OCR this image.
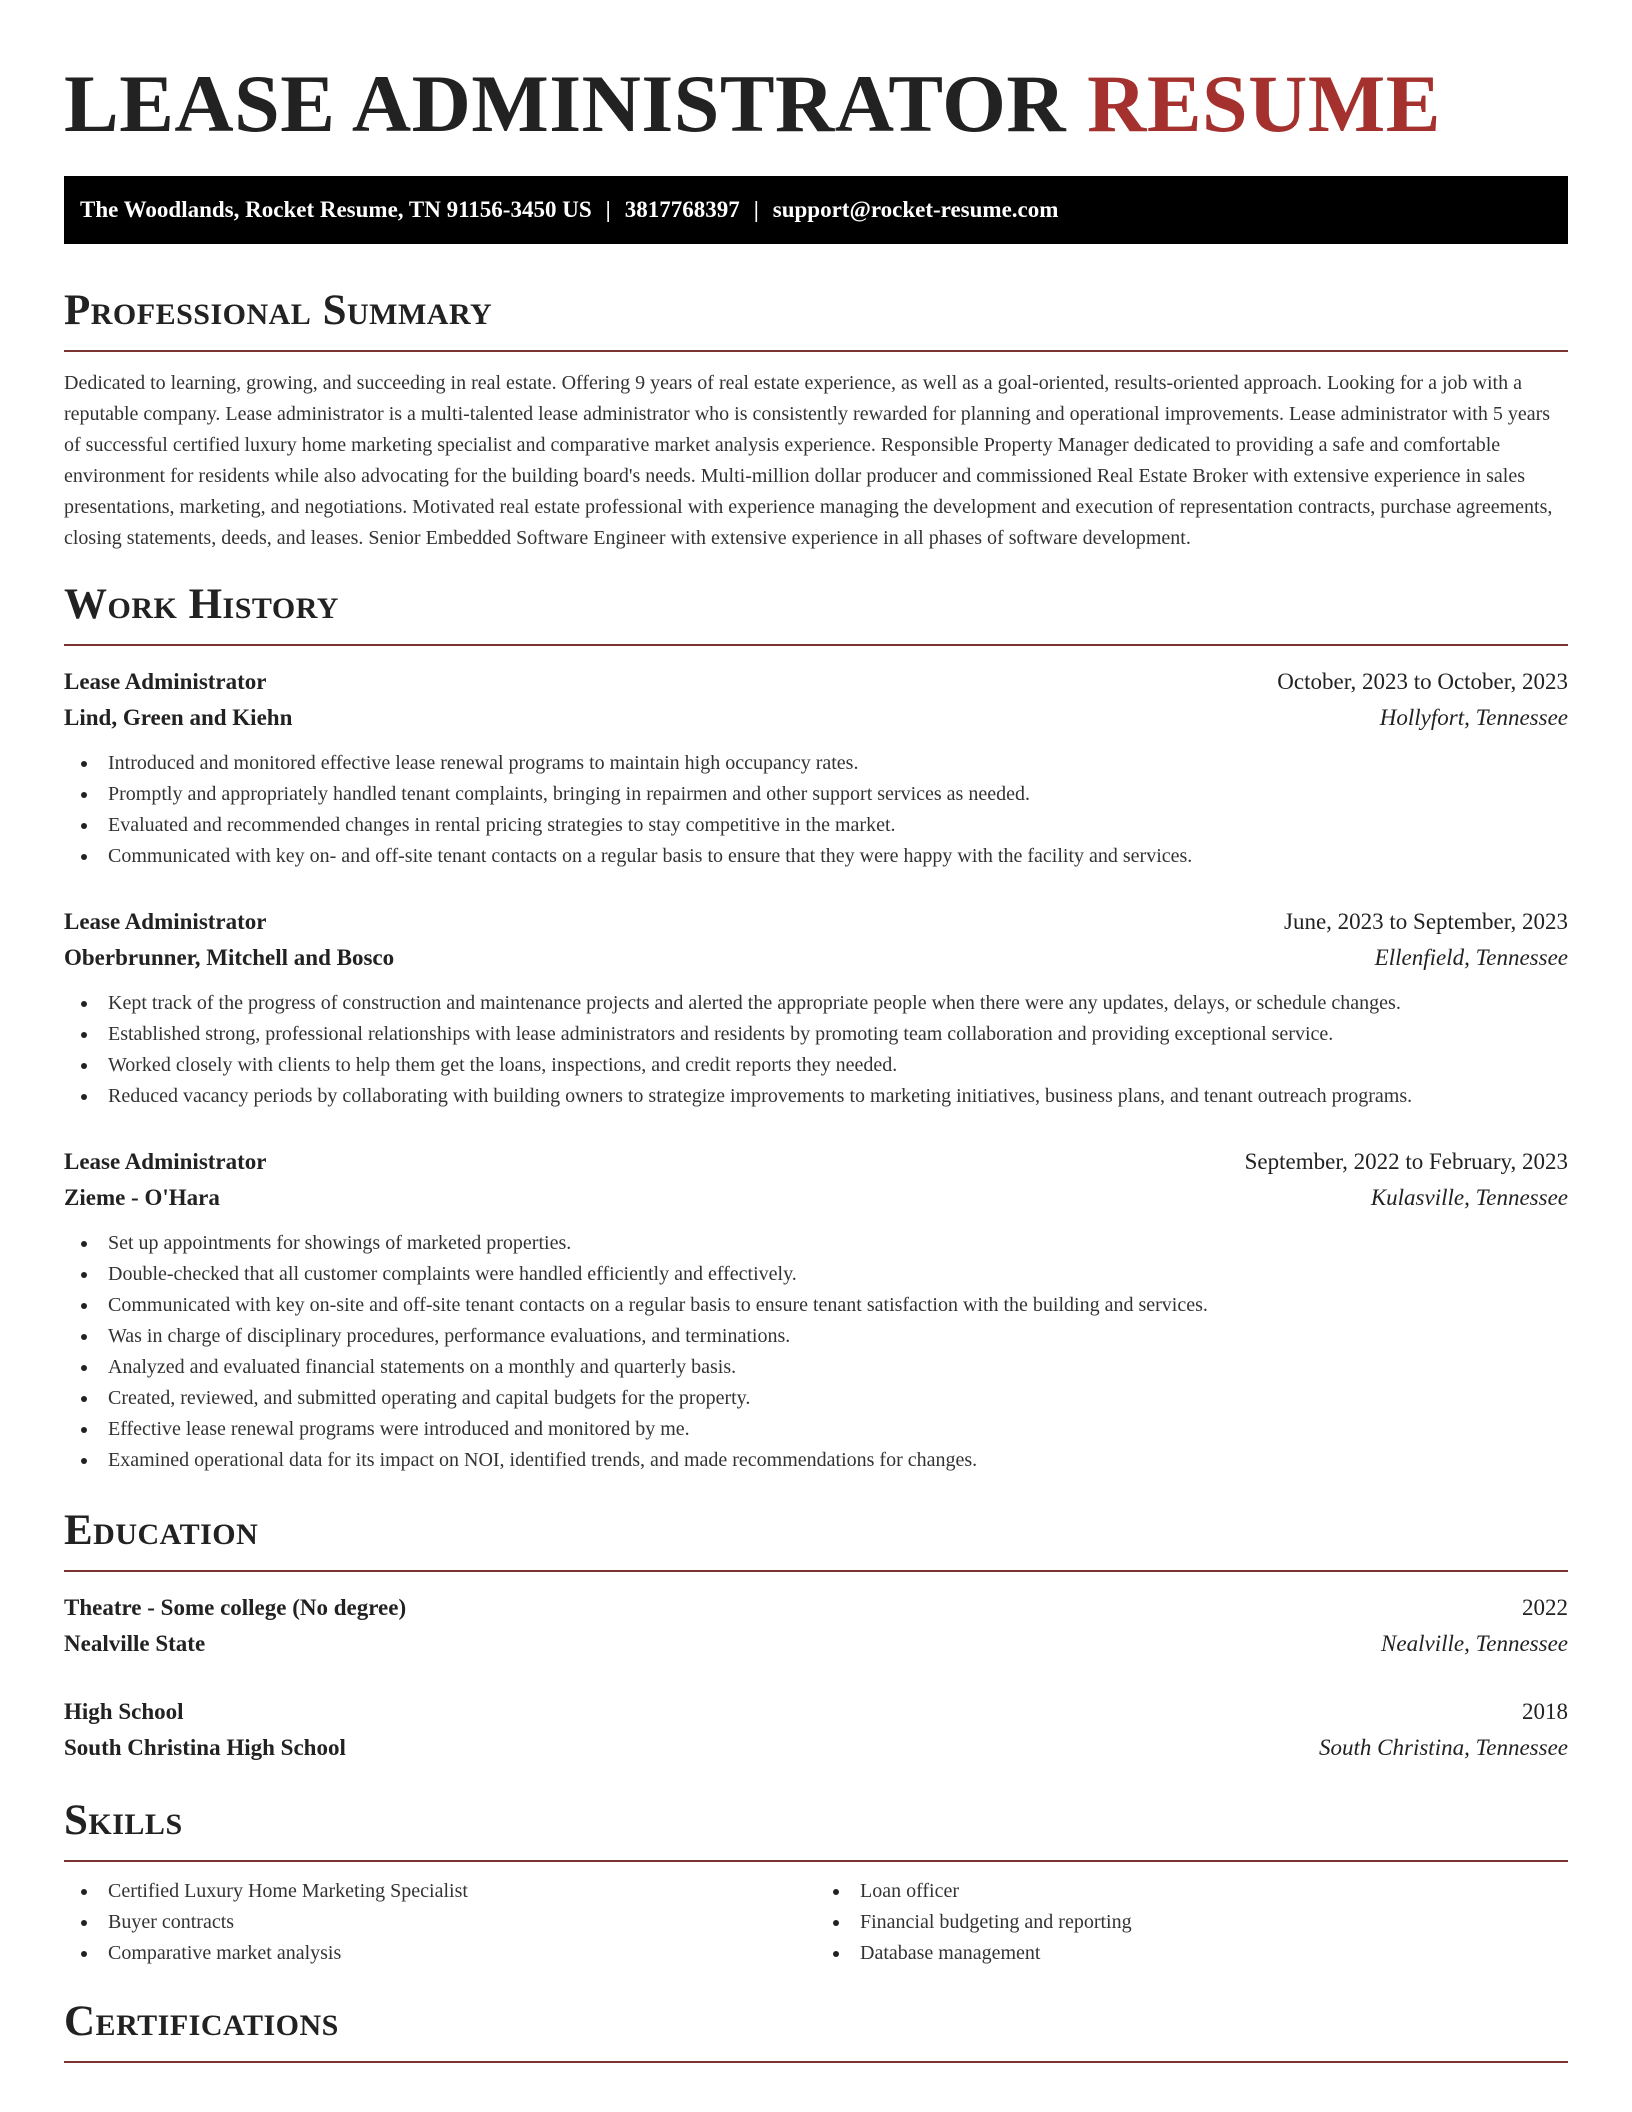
LEASE ADMINISTRATOR RESUME
The Woodlands, Rocket Resume, TN 91156-3450 US | 3817768397 | support@rocket-resume.com
Professional Summary

Dedicated to learning, growing, and succeeding in real estate. Offering 9 years of real estate experience, as well as a goal-oriented, results-oriented approach. Looking for a job with a reputable company. Lease administrator is a multi-talented lease administrator who is consistently rewarded for planning and operational improvements. Lease administrator with 5 years of successful certified luxury home marketing specialist and comparative market analysis experience. Responsible Property Manager dedicated to providing a safe and comfortable environment for residents while also advocating for the building board's needs. Multi-million dollar producer and commissioned Real Estate Broker with extensive experience in sales presentations, marketing, and negotiations. Motivated real estate professional with experience managing the development and execution of representation contracts, purchase agreements, closing statements, deeds, and leases. Senior Embedded Software Engineer with extensive experience in all phases of software development.

Work History
Lease Administrator	October, 2023 to October, 2023
Lind, Green and Kiehn	Hollyfort, Tennessee
Introduced and monitored effective lease renewal programs to maintain high occupancy rates.
Promptly and appropriately handled tenant complaints, bringing in repairmen and other support services as needed.
Evaluated and recommended changes in rental pricing strategies to stay competitive in the market.
Communicated with key on- and off-site tenant contacts on a regular basis to ensure that they were happy with the facility and services.
Lease Administrator	June, 2023 to September, 2023
Oberbrunner, Mitchell and Bosco	Ellenfield, Tennessee
Kept track of the progress of construction and maintenance projects and alerted the appropriate people when there were any updates, delays, or schedule changes.
Established strong, professional relationships with lease administrators and residents by promoting team collaboration and providing exceptional service.
Worked closely with clients to help them get the loans, inspections, and credit reports they needed.
Reduced vacancy periods by collaborating with building owners to strategize improvements to marketing initiatives, business plans, and tenant outreach programs.
Lease Administrator	September, 2022 to February, 2023
Zieme - O'Hara	Kulasville, Tennessee
Set up appointments for showings of marketed properties.
Double-checked that all customer complaints were handled efficiently and effectively.
Communicated with key on-site and off-site tenant contacts on a regular basis to ensure tenant satisfaction with the building and services.
Was in charge of disciplinary procedures, performance evaluations, and terminations.
Analyzed and evaluated financial statements on a monthly and quarterly basis.
Created, reviewed, and submitted operating and capital budgets for the property.
Effective lease renewal programs were introduced and monitored by me.
Examined operational data for its impact on NOI, identified trends, and made recommendations for changes.
Education
Theatre - Some college (No degree)	2022
Nealville State	Nealville, Tennessee
High School	2018
South Christina High School	South Christina, Tennessee
Skills
Certified Luxury Home Marketing Specialist
Buyer contracts
Comparative market analysis
Loan officer
Financial budgeting and reporting
Database management
Certifications
